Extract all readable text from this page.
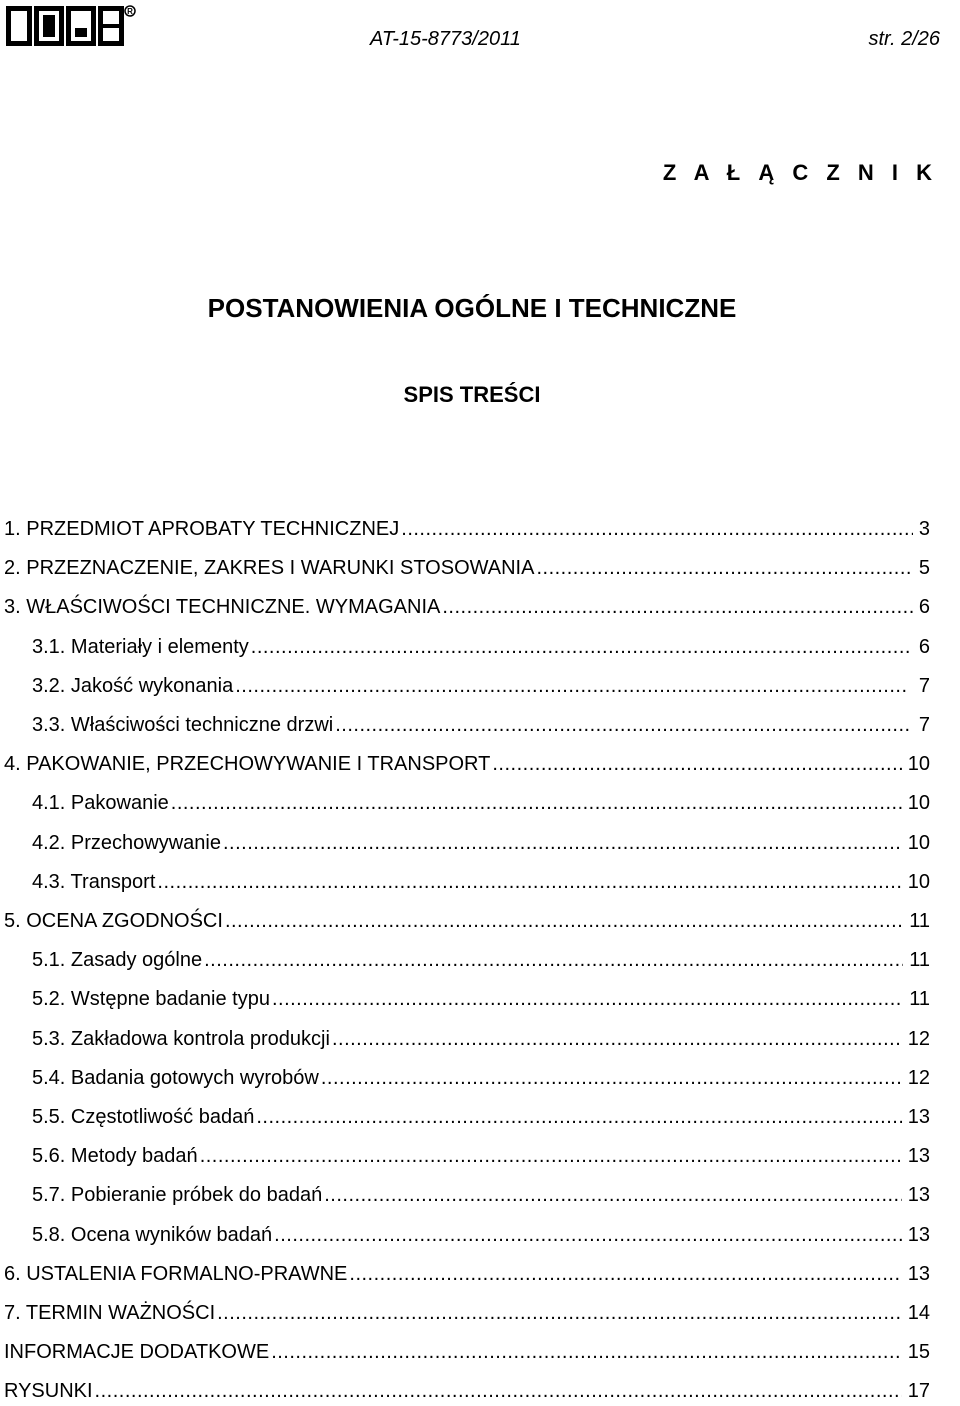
R
AT-15-8773/2011	str. 2/26
Z A Ł Ą C Z N I K
POSTANOWIENIA OGÓLNE I TECHNICZNE
SPIS TREŚCI
1. PRZEDMIOT APROBATY TECHNICZNEJ .....	3
2. PRZEZNACZENIE, ZAKRES I WARUNKI STOSOWANIA .....	5
3. WŁAŚCIWOŚCI TECHNICZNE. WYMAGANIA .....	6
3.1. Materiały i elementy .....	6
3.2. Jakość wykonania .....	7
3.3. Właściwości techniczne drzwi .....	7
4. PAKOWANIE, PRZECHOWYWANIE I TRANSPORT .....	10
4.1. Pakowanie .....	10
4.2. Przechowywanie .....	10
4.3. Transport .....	10
5. OCENA ZGODNOŚCI .....	11
5.1. Zasady ogólne .....	11
5.2. Wstępne badanie typu .....	11
5.3. Zakładowa kontrola produkcji .....	12
5.4. Badania gotowych wyrobów .....	12
5.5. Częstotliwość badań .....	13
5.6. Metody badań .....	13
5.7. Pobieranie próbek do badań .....	13
5.8. Ocena wyników badań .....	13
6. USTALENIA FORMALNO-PRAWNE .....	13
7. TERMIN WAŻNOŚCI .....	14
INFORMACJE DODATKOWE .....	15
RYSUNKI .....	17
